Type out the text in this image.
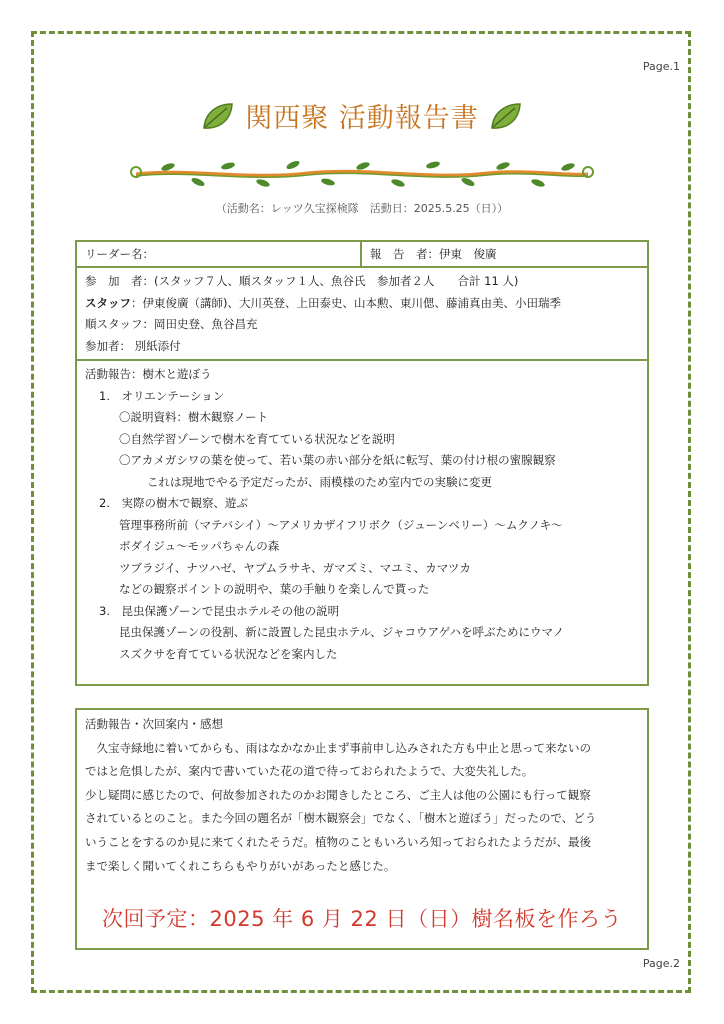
Page.1
関西聚 活動報告書
（活動名：レッツ久宝探検隊　活動日：2025.5.25（日））
リーダー名：	報　告　者：伊東　俊廣
参　加　者：(スタッフ７人、順スタッフ１人、魚谷氏　参加者２人　　合計 11 人)
スタッフ：伊東俊廣（講師)、大川英登、上田泰史、山本勲、東川偲、藤浦真由美、小田瑞季
順スタッフ：岡田史登、魚谷昌充
参加者： 別紙添付
活動報告：樹木と遊ぼう
1.　オリエンテーション
〇説明資料：樹木観察ノート
〇自然学習ゾーンで樹木を育てている状況などを説明
〇アカメガシワの葉を使って、若い葉の赤い部分を紙に転写、葉の付け根の蜜腺観察
これは現地でやる予定だったが、雨模様のため室内での実験に変更
2.　実際の樹木で観察、遊ぶ
管理事務所前（マテバシイ）～アメリカザイフリボク（ジューンベリー）～ムクノキ～
ボダイジュ～モッパちゃんの森
ツブラジイ、ナツハゼ、ヤブムラサキ、ガマズミ、マユミ、カマツカ
などの観察ポイントの説明や、葉の手触りを楽しんで貰った
3.　昆虫保護ゾーンで昆虫ホテルその他の説明
昆虫保護ゾーンの役割、新に設置した昆虫ホテル、ジャコウアゲハを呼ぶためにウマノ
スズクサを育てている状況などを案内した
活動報告・次回案内・感想
　久宝寺緑地に着いてからも、雨はなかなか止まず事前申し込みされた方も中止と思って来ないの
ではと危惧したが、案内で書いていた花の道で待っておられたようで、大変失礼した。
少し疑問に感じたので、何故参加されたのかお聞きしたところ、ご主人は他の公園にも行って観察
されているとのこと。また今回の題名が「樹木観察会」でなく、「樹木と遊ぼう」だったので、どう
いうことをするのか見に来てくれたそうだ。植物のこともいろいろ知っておられたようだが、最後
まで楽しく聞いてくれこちらもやりがいがあったと感じた。
次回予定：2025 年 6 月 22 日（日）樹名板を作ろう
Page.2
